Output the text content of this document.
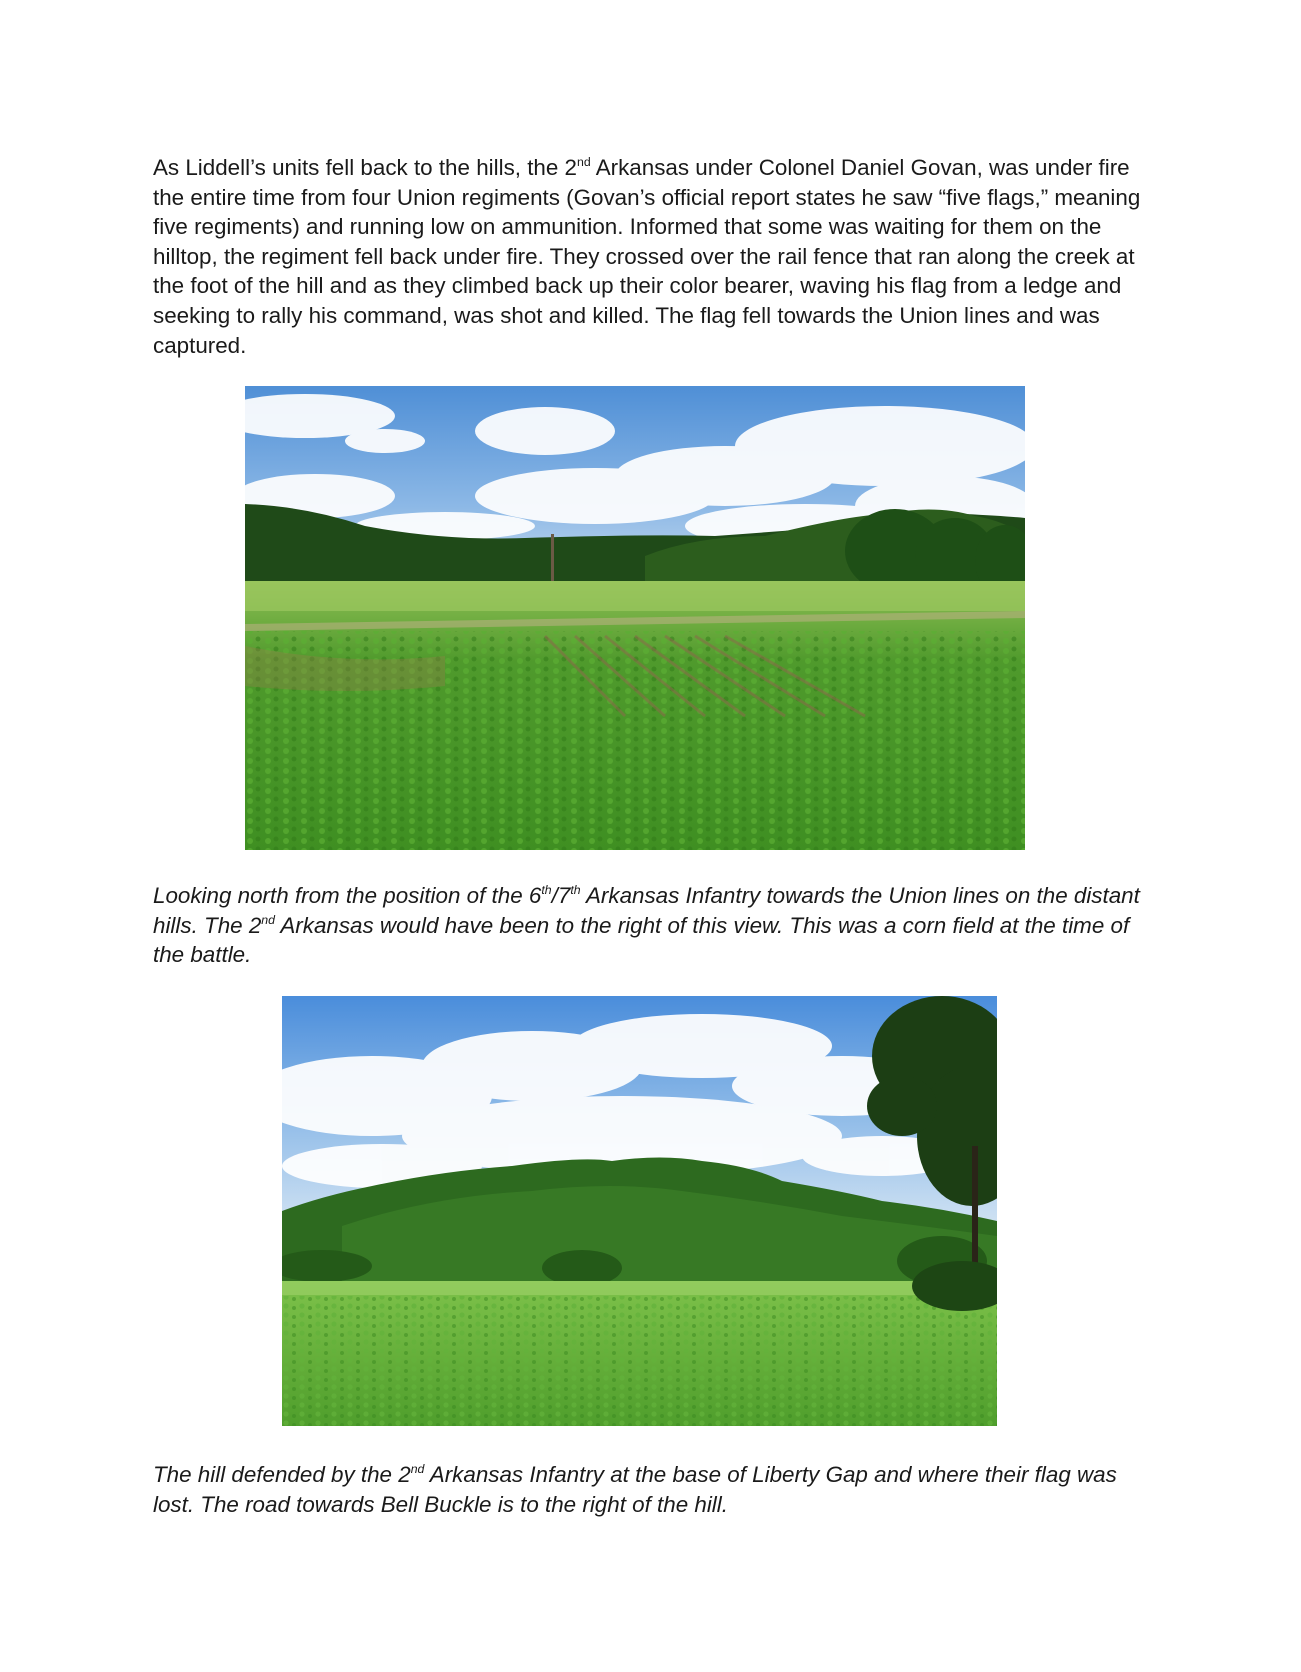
As Liddell’s units fell back to the hills, the 2nd Arkansas under Colonel Daniel Govan, was under fire the entire time from four Union regiments (Govan’s official report states he saw “five flags,” meaning five regiments) and running low on ammunition. Informed that some was waiting for them on the hilltop, the regiment fell back under fire. They crossed over the rail fence that ran along the creek at the foot of the hill and as they climbed back up their color bearer, waving his flag from a ledge and seeking to rally his command, was shot and killed. The flag fell towards the Union lines and was captured.

Looking north from the position of the 6th/7th Arkansas Infantry towards the Union lines on the distant hills. The 2nd Arkansas would have been to the right of this view. This was a corn field at the time of the battle.

The hill defended by the 2nd Arkansas Infantry at the base of Liberty Gap and where their flag was lost. The road towards Bell Buckle is to the right of the hill.
